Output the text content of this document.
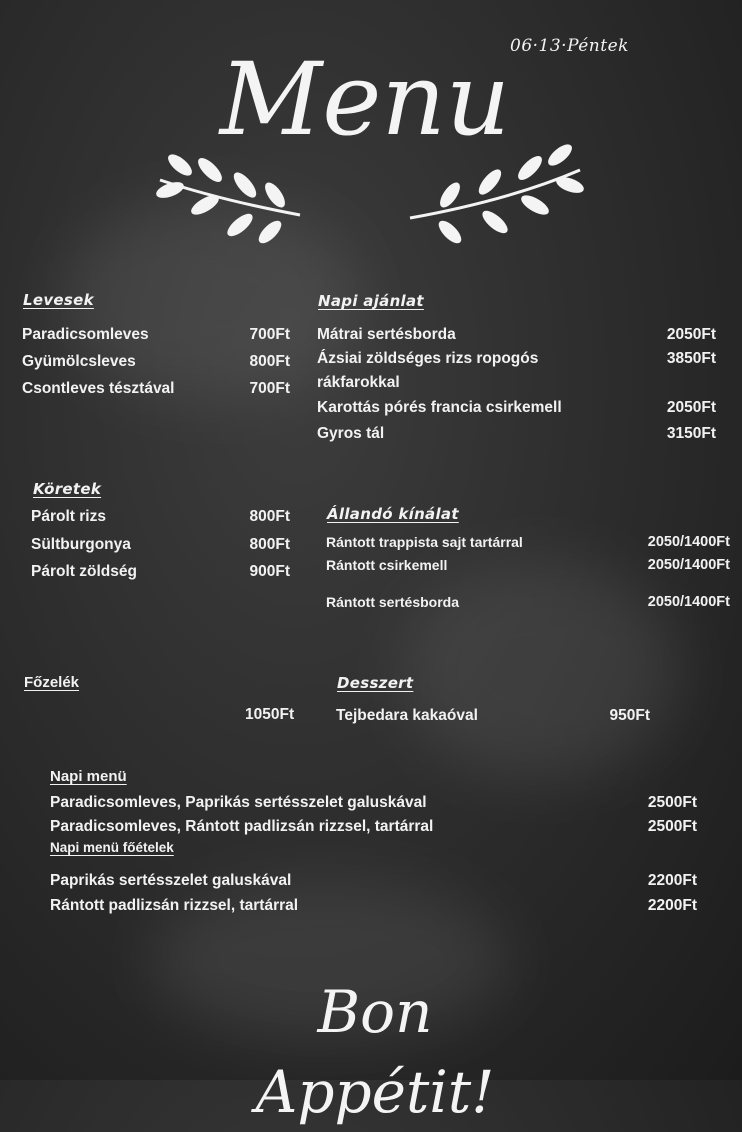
06·13·Péntek
Menu
Levesek
Paradicsomleves	700Ft
Gyümölcsleves	800Ft
Csontleves tésztával	700Ft
Napi ajánlat
Mátrai sertésborda	2050Ft
Ázsiai zöldséges rizs ropogós	3850Ft
rákfarokkal
Karottás pórés francia csirkemell	2050Ft
Gyros tál	3150Ft
Köretek
Párolt rizs	800Ft
Sültburgonya	800Ft
Párolt zöldség	900Ft
Állandó kínálat
Rántott trappista sajt tartárral	2050/1400Ft
Rántott csirkemell	2050/1400Ft
Rántott sertésborda	2050/1400Ft
Főzelék
1050Ft
Desszert
Tejbedara kakaóval	950Ft
Napi menü
Paradicsomleves, Paprikás sertésszelet galuskával	2500Ft
Paradicsomleves, Rántott padlizsán rizzsel, tartárral	2500Ft
Napi menü főételek
Paprikás sertésszelet galuskával	2200Ft
Rántott padlizsán rizzsel, tartárral	2200Ft
Bon Appétit!
